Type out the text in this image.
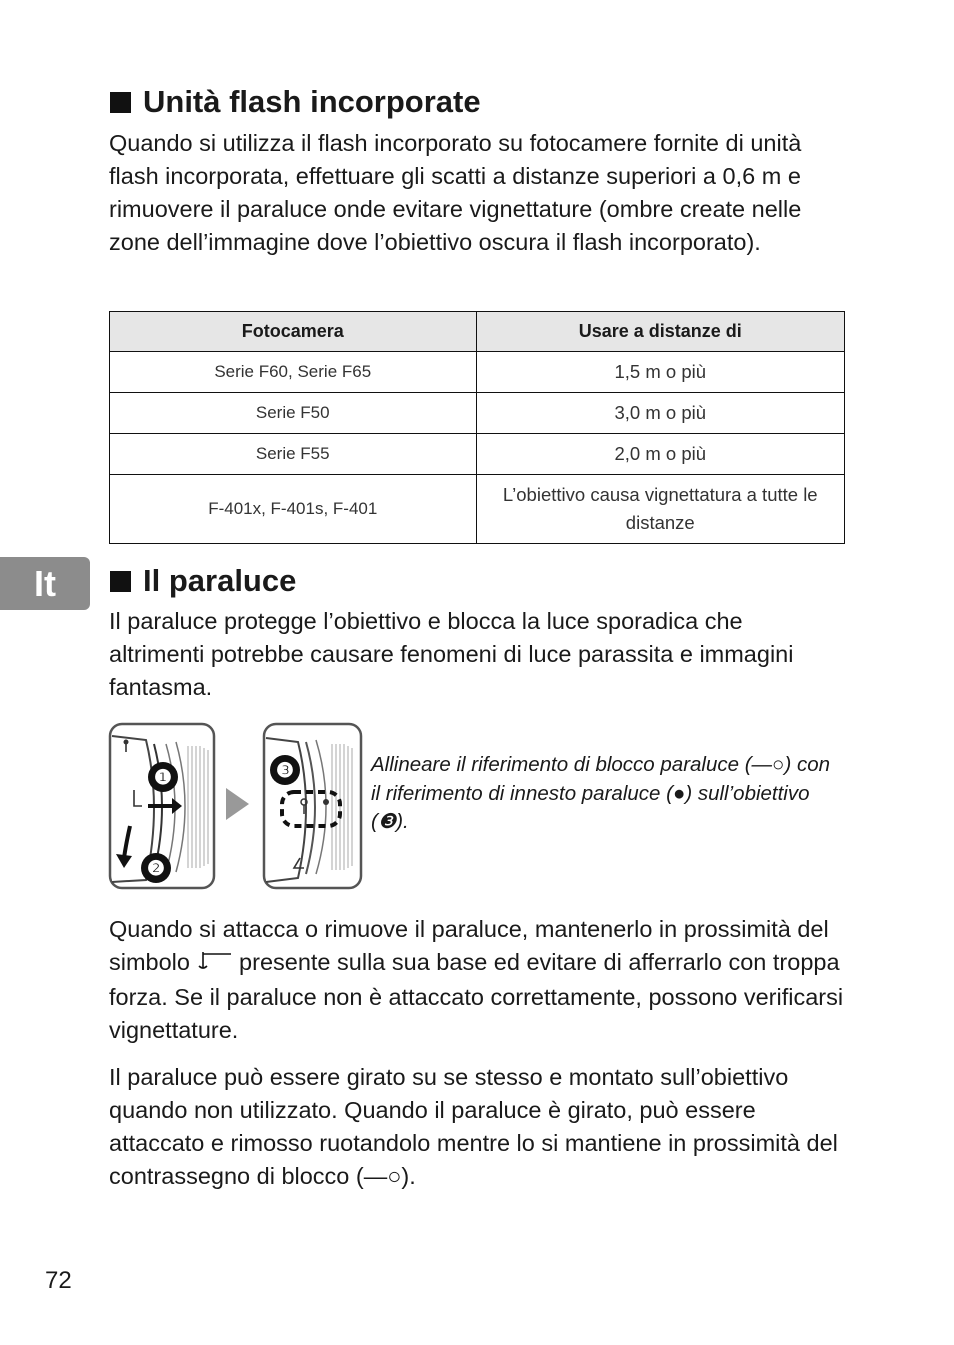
Unità flash incorporate

Quando si utilizza il flash incorporato su fotocamere fornite di unità flash incorporata, effettuare gli scatti a distanze superiori a 0,6 m e rimuovere il paraluce onde evitare vignettature (ombre create nelle zone dell’immagine dove l’obiettivo oscura il flash incorporato).

Fotocamera	Usare a distanze di
Serie F60, Serie F65	1,5 m o più
Serie F50	3,0 m o più
Serie F55	2,0 m o più
F-401x, F-401s, F-401	L’obiettivo causa vignettatura a tutte le distanze
It	Il paraluce

Il paraluce protegge l’obiettivo e blocca la luce sporadica che altrimenti potrebbe causare fenomeni di luce parassita e immagini fantasma.

❶
❷
❸	Allineare il riferimento di blocco paraluce (—○) con il riferimento di innesto paraluce (●) sull’obiettivo (❸).

Quando si attacca o rimuove il paraluce, mantenerlo in prossimità del simbolo  presente sulla sua base ed evitare di afferrarlo con troppa forza. Se il paraluce non è attaccato correttamente, possono verificarsi vignettature.

Il paraluce può essere girato su se stesso e montato sull’obiettivo quando non utilizzato. Quando il paraluce è girato, può essere attaccato e rimosso ruotandolo mentre lo si mantiene in prossimità del contrassegno di blocco (—○).

72
